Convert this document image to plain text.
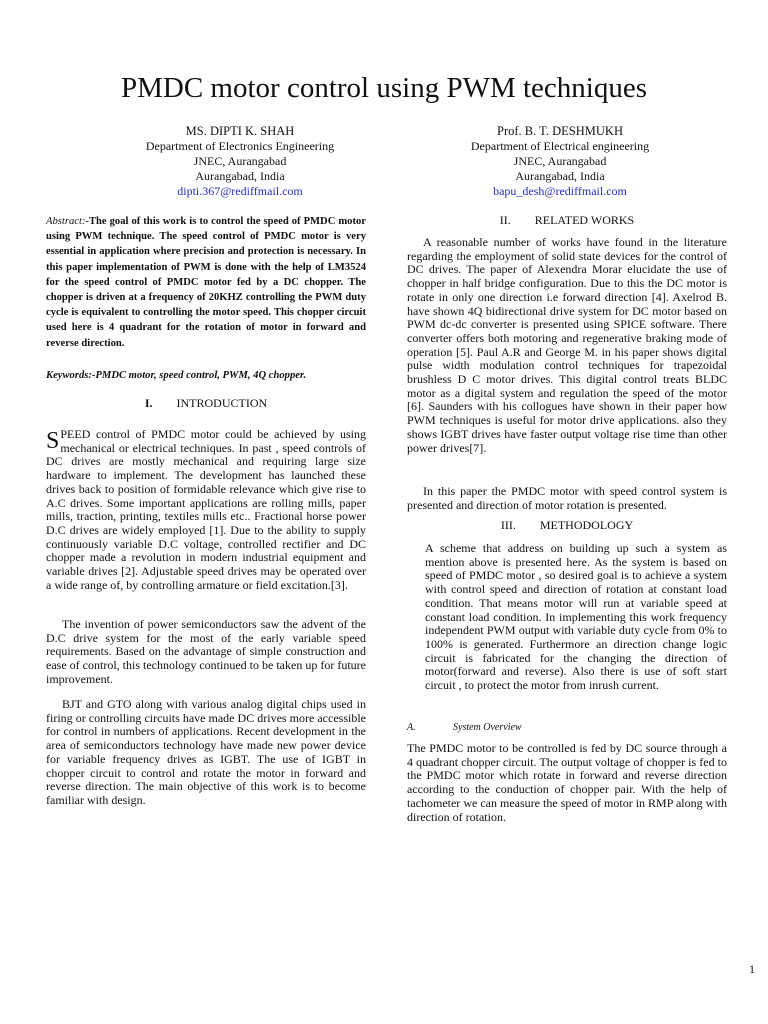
PMDC motor control using PWM techniques
MS. DIPTI K. SHAH
Department of Electronics Engineering
JNEC, Aurangabad
Aurangabad, India
dipti.367@rediffmail.com
Prof. B. T. DESHMUKH
Department of Electrical engineering
JNEC, Aurangabad
Aurangabad, India
bapu_desh@rediffmail.com
Abstract:-The goal of this work is to control the speed of PMDC motor using PWM technique. The speed control of PMDC motor is very essential in application where precision and protection is necessary. In this paper implementation of PWM is done with the help of LM3524 for the speed control of PMDC motor fed by a DC chopper. The chopper is driven at a frequency of 20KHZ controlling the PWM duty cycle is equivalent to controlling the motor speed. This chopper circuit used here is 4 quadrant for the rotation of motor in forward and reverse direction.
Keywords:-PMDC motor, speed control, PWM, 4Q chopper.
I. INTRODUCTION
SPEED control of PMDC motor could be achieved by using mechanical or electrical techniques. In past , speed controls of DC drives are mostly mechanical and requiring large size hardware to implement. The development has launched these drives back to position of formidable relevance which give rise to A.C drives. Some important applications are rolling mills, paper mills, traction, printing, textiles mills etc.. Fractional horse power D.C drives are widely employed [1]. Due to the ability to supply continuously variable D.C voltage, controlled rectifier and DC chopper made a revolution in modern industrial equipment and variable drives [2]. Adjustable speed drives may be operated over a wide range of, by controlling armature or field excitation.[3].
The invention of power semiconductors saw the advent of the D.C drive system for the most of the early variable speed requirements. Based on the advantage of simple construction and ease of control, this technology continued to be taken up for future improvement.
BJT and GTO along with various analog digital chips used in firing or controlling circuits have made DC drives more accessible for control in numbers of applications. Recent development in the area of semiconductors technology have made new power device for variable frequency drives as IGBT. The use of IGBT in chopper circuit to control and rotate the motor in forward and reverse direction. The main objective of this work is to become familiar with design.
II. RELATED WORKS
A reasonable number of works have found in the literature regarding the employment of solid state devices for the control of DC drives. The paper of Alexendra Morar elucidate the use of chopper in half bridge configuration. Due to this the DC motor is rotate in only one direction i.e forward direction [4]. Axelrod B. have shown 4Q bidirectional drive system for DC motor based on PWM dc-dc converter is presented using SPICE software. There converter offers both motoring and regenerative braking mode of operation [5]. Paul A.R and George M. in his paper shows digital pulse width modulation control techniques for trapezoidal brushless D C motor drives. This digital control treats BLDC motor as a digital system and regulation the speed of the motor [6]. Saunders with his collogues have shown in their paper how PWM techniques is useful for motor drive applications. also they shows IGBT drives have faster output voltage rise time than other power drives[7].
In this paper the PMDC motor with speed control system is presented and direction of motor rotation is presented.
III. METHODOLOGY
A scheme that address on building up such a system as mention above is presented here. As the system is based on speed of PMDC motor , so desired goal is to achieve a system with control speed and direction of rotation at constant load condition. That means motor will run at variable speed at constant load condition. In implementing this work frequency independent PWM output with variable duty cycle from 0% to 100% is generated. Furthermore an direction change logic circuit is fabricated for the changing the direction of motor(forward and reverse). Also there is use of soft start circuit , to protect the motor from inrush current.
A.	System Overview
The PMDC motor to be controlled is fed by DC source through a 4 quadrant chopper circuit. The output voltage of chopper is fed to the PMDC motor which rotate in forward and reverse direction according to the conduction of chopper pair. With the help of tachometer we can measure the speed of motor in RMP along with direction of rotation.
1
